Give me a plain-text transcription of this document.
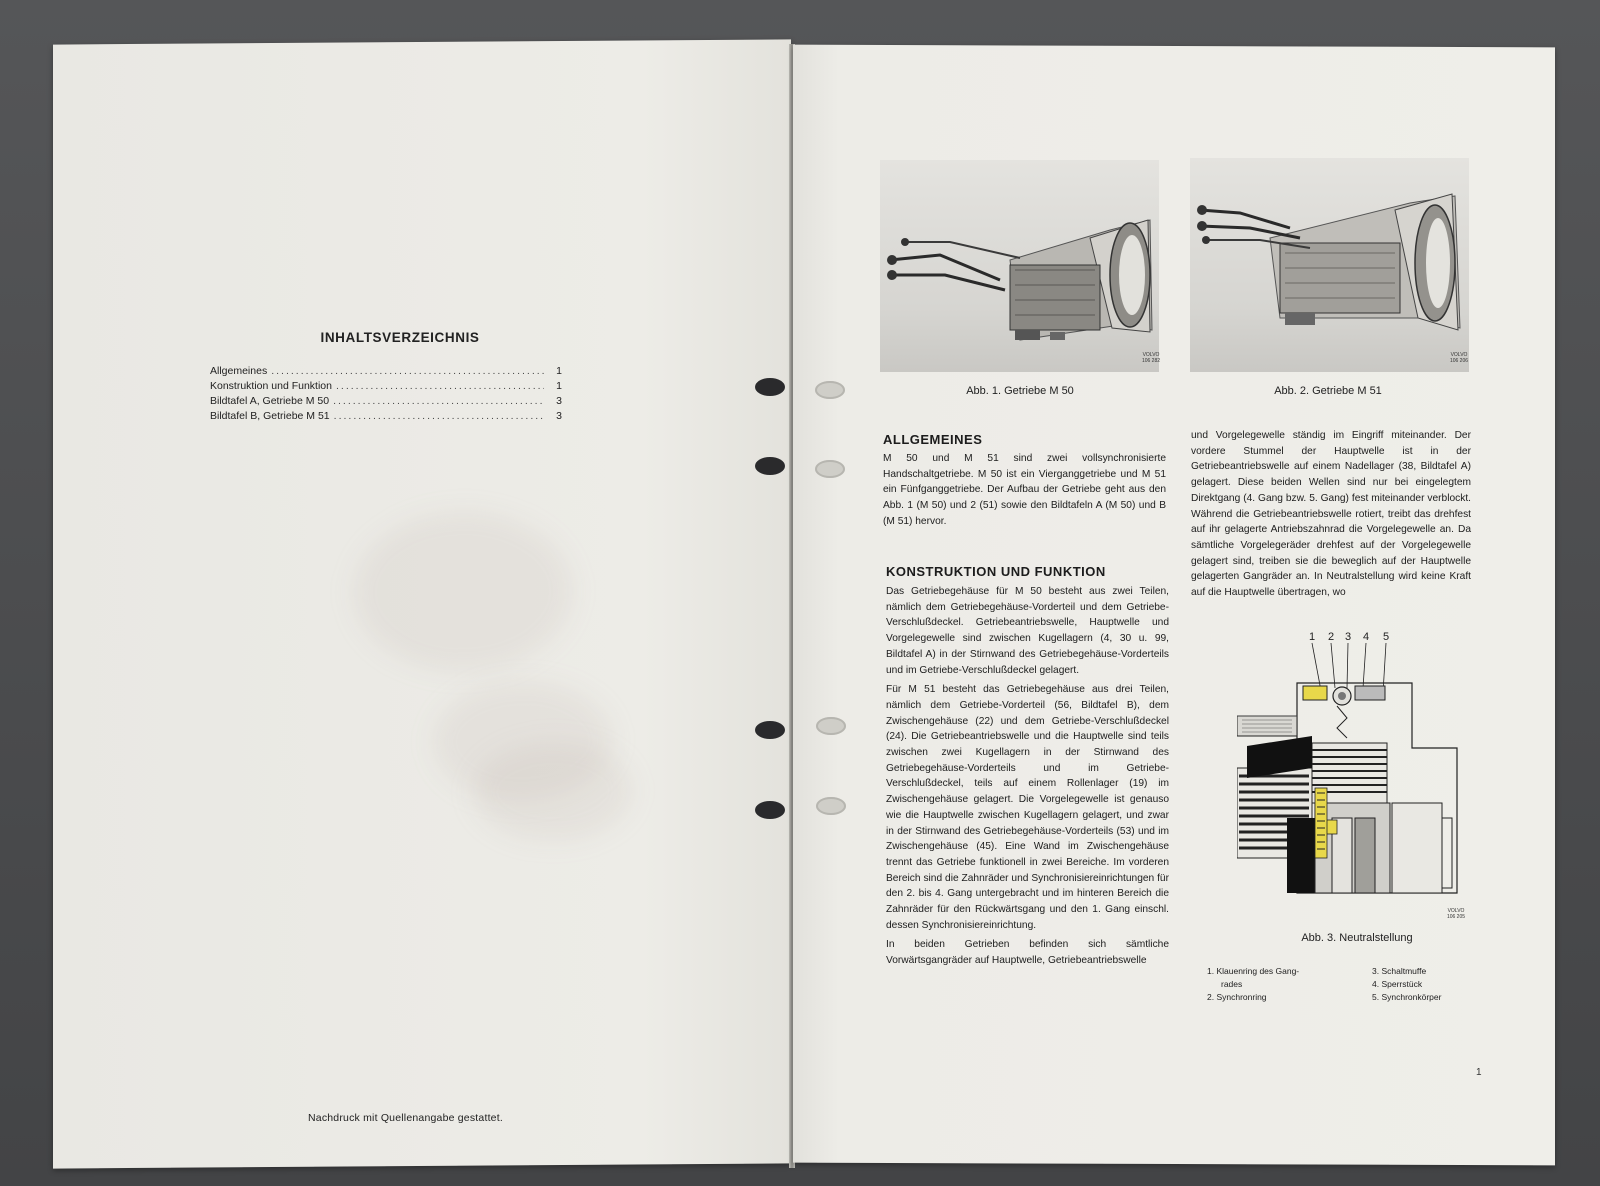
INHALTSVERZEICHNIS
Allgemeines .....	1
Konstruktion und Funktion .....	1
Bildtafel A, Getriebe M 50 .....	3
Bildtafel B, Getriebe M 51 .....	3
Nachdruck mit Quellenangabe gestattet.
VOLVO 106 282
Abb. 1. Getriebe M 50
VOLVO 106 206
Abb. 2. Getriebe M 51
ALLGEMEINES

M 50 und M 51 sind zwei vollsynchronisierte Handschaltgetriebe. M 50 ist ein Vierganggetriebe und M 51 ein Fünfganggetriebe. Der Aufbau der Getriebe geht aus den Abb. 1 (M 50) und 2 (51) sowie den Bildtafeln A (M 50) und B (M 51) hervor.

KONSTRUKTION UND FUNKTION

Das Getriebegehäuse für M 50 besteht aus zwei Teilen, nämlich dem Getriebegehäuse-Vorderteil und dem Getriebe-Verschlußdeckel. Getriebeantriebswelle, Hauptwelle und Vorgelegewelle sind zwischen Kugellagern (4, 30 u. 99, Bildtafel A) in der Stirnwand des Getriebegehäuse-Vorderteils und im Getriebe-Verschlußdeckel gelagert.

Für M 51 besteht das Getriebegehäuse aus drei Teilen, nämlich dem Getriebe-Vorderteil (56, Bildtafel B), dem Zwischengehäuse (22) und dem Getriebe-Verschlußdeckel (24). Die Getriebeantriebswelle und die Hauptwelle sind teils zwischen zwei Kugellagern in der Stirnwand des Getriebegehäuse-Vorderteils und im Getriebe-Verschlußdeckel, teils auf einem Rollenlager (19) im Zwischengehäuse gelagert. Die Vorgelegewelle ist genauso wie die Hauptwelle zwischen Kugellagern gelagert, und zwar in der Stirnwand des Getriebegehäuse-Vorderteils (53) und im Zwischengehäuse (45). Eine Wand im Zwischengehäuse trennt das Getriebe funktionell in zwei Bereiche. Im vorderen Bereich sind die Zahnräder und Synchronisiereinrichtungen für den 2. bis 4. Gang untergebracht und im hinteren Bereich die Zahnräder für den Rückwärtsgang und den 1. Gang einschl. dessen Synchronisiereinrichtung.

In beiden Getrieben befinden sich sämtliche Vorwärtsgangräder auf Hauptwelle, Getriebeantriebswelle

und Vorgelegewelle ständig im Eingriff miteinander. Der vordere Stummel der Hauptwelle ist in der Getriebeantriebswelle auf einem Nadellager (38, Bildtafel A) gelagert. Diese beiden Wellen sind nur bei eingelegtem Direktgang (4. Gang bzw. 5. Gang) fest miteinander verblockt. Während die Getriebeantriebswelle rotiert, treibt das drehfest auf ihr gelagerte Antriebszahnrad die Vorgelegewelle an. Da sämtliche Vorgelegeräder drehfest auf der Vorgelegewelle gelagert sind, treiben sie die beweglich auf der Hauptwelle gelagerten Gangräder an. In Neutralstellung wird keine Kraft auf die Hauptwelle übertragen, wo

1 2 3 4 5
VOLVO 106 205
Abb. 3. Neutralstellung
1. Klauenring des Gang-
rades
2. Synchronring
3. Schaltmuffe
4. Sperrstück
5. Synchronkörper
1
